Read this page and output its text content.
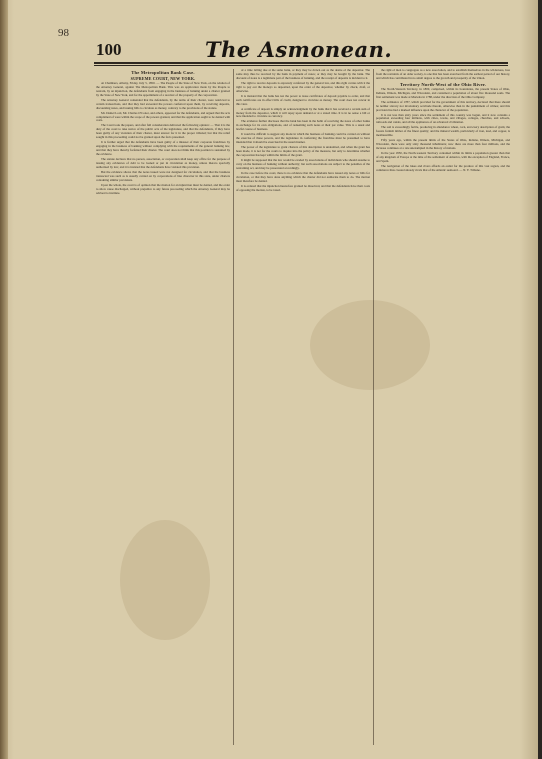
98
100	The Asmonean.
The Metropolitan Bank Case.
SUPREME COURT, NEW YORK.

At Chambers, Albany, Friday, July 5, 1850. — The People of the State of New York, on the relation of the Attorney General, against The Metropolitan Bank. This was an application made by the People to restrain, by an injunction, the defendants from engaging in the business of banking under a charter granted by the State of New York, and for the appointment of a receiver of the property of the corporation.

The Attorney General contended that the defendants, by the terms of their charter, were restricted to certain transactions, and that they had exceeded the powers conferred upon them, by receiving deposits, discounting notes, and issuing bills to circulate as money, contrary to the provisions of the statute.

Mr. Daniel Lord, Mr. Charles O'Conor, and others, appeared for the defendants, and argued that the acts complained of were within the scope of the powers granted, and that the application ought to be denied with costs.

The Court took the papers, and after full consideration delivered the following opinion: — That it is the duty of the court to take notice of the public acts of the legislature, and that the defendants, if they have been guilty of any violation of their charter, must answer for it in the proper tribunal; but that the relief sought in this proceeding could not be granted upon the facts presented.

It is further urged that the defendants have been guilty of a misuser of their corporate franchises by engaging in the business of banking without complying with the requirements of the general banking law, and that they have thereby forfeited their charter. The court does not think that this position is sustained by the evidence.

The statute declares that no person, association, or corporation shall keep any office for the purpose of issuing any evidences of debt to be loaned or put in circulation as money, unless thereto specially authorized by law; and it is insisted that the defendants have violated this provision.

But the evidence shows that the notes issued were not designed for circulation, and that the business transacted was such as is usually carried on by corporations of like character in this state, under charters containing similar provisions.

Upon the whole, the court is of opinion that the motion for an injunction must be denied, and the order to show cause discharged, without prejudice to any future proceeding which the Attorney General may be advised to institute.

of a time falling due at the same bank, or they may be drawn out as the desire of the depositor. The same may thus be received by the bank in payment of notes; or they may be bought by the bank. The discount of notes is a legitimate part of the business of banking, and the receipt of deposits is incident to it.

The right to receive deposits is expressly conferred by the general law, and this right carries with it the right to pay out the moneys so deposited, upon the order of the depositor, whether by check, draft, or otherwise.

It is insisted that the bank has not the power to issue certificates of deposit payable to order, and that such certificates are in effect bills of credit, designed to circulate as money. The court does not concur in this view.

A certificate of deposit is simply an acknowledgment by the bank that it has received a certain sum of money from the depositor, which it will repay upon demand or at a stated time. It is in no sense a bill or note intended to circulate as currency.

The evidence further discloses that the bank has been in the habit of receiving the notes of other banks in exchange for its own obligations, and of redeeming such notes at their par value. This is a usual and lawful course of business.

It would be difficult to suggest any mode in which the business of banking could be carried on without the exercise of these powers, and the legislature in conferring the franchise must be presumed to have intended that it should be exercised in the usual manner.

The power of the legislature to grant charters of this description is undoubted, and when the grant has been made, it is not for the courts to inquire into the policy of the measure, but only to determine whether the corporation has kept within the limits of the grant.

It might be supposed that the law would be evaded by associations of individuals who should assume to carry on the business of banking without authority; but such associations are subject to the penalties of the restraining act, and may be prosecuted accordingly.

In the case before the court, there is no evidence that the defendants have issued any notes or bills for circulation, or that they have done anything which the charter did not authorize them to do. The motion must therefore be denied.

It is ordered that the injunction heretofore granted be dissolved, and that the defendants have their costs of opposing the motion, to be taxed.

the right of men to congregate as a new association, and to establish themselves in the wilderness, free from the restraints of an older society, is one that has been exercised from the earliest period of our history, and which has contributed in no small degree to the growth and prosperity of the Union.

Territory North-West of the Ohio River.

The North-Western Territory, in 1800, comprised, within its boundaries, the present States of Ohio, Indiana, Illinois, Michigan, and Wisconsin, and contained a population of about five thousand souls. The first settlement was made at Marietta in 1788, under the direction of the Ohio Company.

The ordinance of 1787, which provided for the government of this territory, declared that there should be neither slavery nor involuntary servitude therein, otherwise than in the punishment of crimes; and this provision has had a marked influence upon the character of the population.

It is not less than sixty years since the settlement of this country was begun, and it now contains a population exceeding four millions, with cities, towns, and villages, colleges, churches, and schools, railroads and canals, and all the appliances of an advanced civilization.

The soil is exceedingly fertile, producing in abundance wheat, corn, and every description of grain; the forests furnish timber of the finest quality; and the mineral wealth, particularly of iron, lead, and copper, is inexhaustible.

Fifty years ago, within the present limits of the States of Ohio, Indiana, Illinois, Michigan, and Wisconsin, there were only sixty thousand inhabitants; now there are more than four millions, and the increase continues at a rate unexampled in the history of nations.

In the year 1850, the North-western Territory contained within its limits a population greater than that of any kingdom of Europe at the time of the settlement of America, with the exception of England, France, and Spain.

The navigation of the lakes and rivers affords an outlet for the produce of this vast region, and the commerce thus created already rivals that of the Atlantic seaboard. — N. Y. Tribune.
